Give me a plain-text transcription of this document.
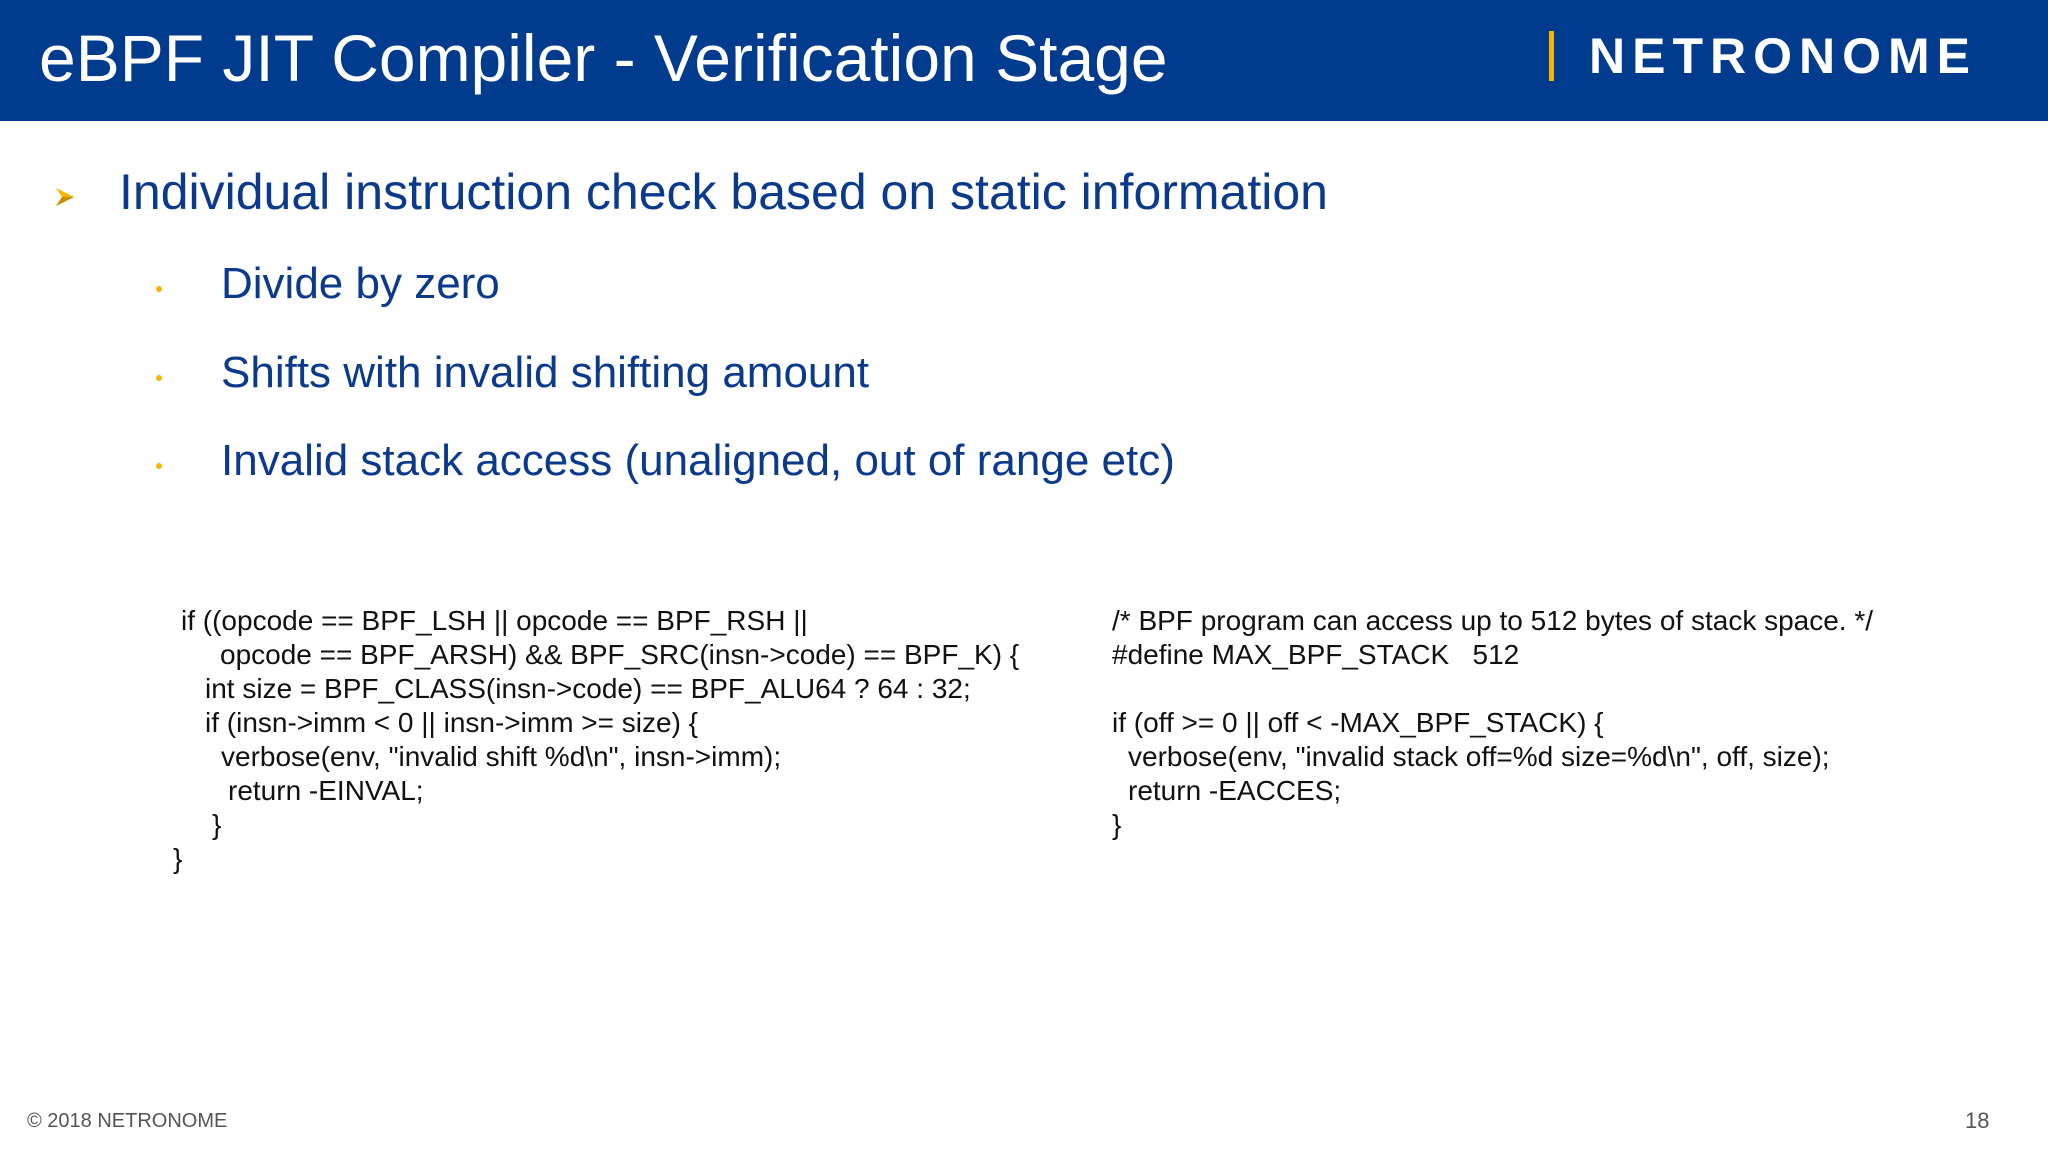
eBPF JIT Compiler - Verification Stage	NETRONOME
Individual instruction check based on static information
Divide by zero
Shifts with invalid shifting amount
Invalid stack access (unaligned, out of range etc)
if ((opcode == BPF_LSH || opcode == BPF_RSH ||
opcode == BPF_ARSH) && BPF_SRC(insn->code) == BPF_K) {
int size = BPF_CLASS(insn->code) == BPF_ALU64 ? 64 : 32;
if (insn->imm < 0 || insn->imm >= size) {
verbose(env, "invalid shift %d\n", insn->imm);
return -EINVAL;
}
}
/* BPF program can access up to 512 bytes of stack space. */
#define MAX_BPF_STACK   512
if (off >= 0 || off < -MAX_BPF_STACK) {
verbose(env, "invalid stack off=%d size=%d\n", off, size);
return -EACCES;
}
© 2018 NETRONOME	18
